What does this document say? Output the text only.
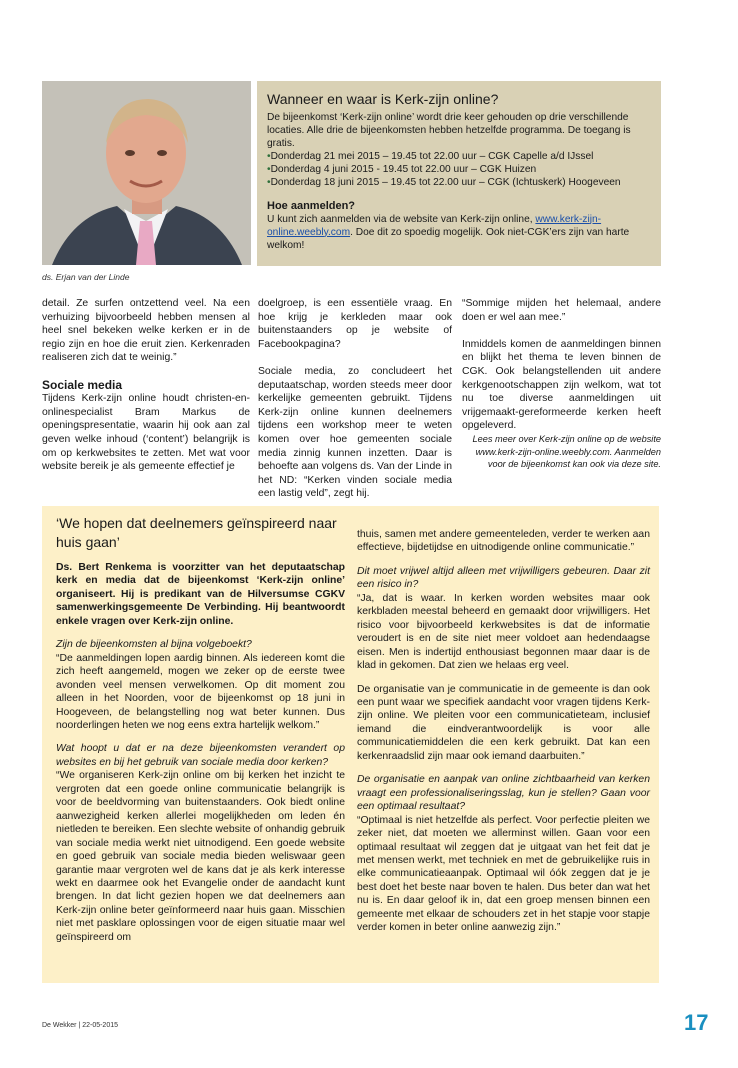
ds. Erjan van der Linde
Wanneer en waar is Kerk-zijn online?

De bijeenkomst ‘Kerk-zijn online’ wordt drie keer gehouden op drie verschillende locaties. Alle drie de bijeenkomsten hebben hetzelfde programma. De toegang is gratis.

•Donderdag 21 mei 2015 – 19.45 tot 22.00 uur – CGK Capelle a/d IJssel

•Donderdag 4 juni 2015 - 19.45 tot 22.00 uur – CGK Huizen

•Donderdag 18 juni 2015 – 19.45 tot 22.00 uur – CGK (Ichtuskerk) Hoogeveen

Hoe aanmelden?

U kunt zich aanmelden via de website van Kerk-zijn online, www.kerk-zijn-online.weebly.com. Doe dit zo spoedig mogelijk. Ook niet-CGK’ers zijn van harte welkom!

detail. Ze surfen ontzettend veel. Na een verhuizing bijvoorbeeld hebben mensen al heel snel bekeken welke kerken er in de regio zijn en hoe die eruit zien. Kerkenraden realiseren zich dat te weinig.”

Sociale media

Tijdens Kerk-zijn online houdt christen-en-onlinespecialist Bram Markus de openingspresentatie, waarin hij ook aan zal geven welke inhoud (‘content’) belangrijk is om op kerkwebsites te zetten. Met wat voor website bereik je als gemeente effectief je

doelgroep, is een essentiële vraag. En hoe krijg je kerkleden maar ook buitenstaanders op je website of Facebookpagina?

Sociale media, zo concludeert het deputaatschap, worden steeds meer door kerkelijke gemeenten gebruikt. Tijdens Kerk-zijn online kunnen deelnemers tijdens een workshop meer te weten komen over hoe gemeenten sociale media zinnig kunnen inzetten. Daar is behoefte aan volgens ds. Van der Linde in het ND: “Kerken vinden sociale media een lastig veld”, zegt hij.

“Sommige mijden het helemaal, andere doen er wel aan mee.”

Inmiddels komen de aanmeldingen binnen en blijkt het thema te leven binnen de CGK. Ook belangstellenden uit andere kerkgenootschappen zijn welkom, wat tot nu toe diverse aanmeldingen uit vrijgemaakt-gereformeerde kerken heeft opgeleverd.

Lees meer over Kerk-zijn online op de website www.kerk-zijn-online.weebly.com. Aanmelden voor de bijeenkomst kan ook via deze site.

‘We hopen dat deelnemers geïnspireerd naar huis gaan’

Ds. Bert Renkema is voorzitter van het deputaatschap kerk en media dat de bijeenkomst ‘Kerk-zijn online’ organiseert. Hij is predikant van de Hilversumse CGKV samenwerkingsgemeente De Verbinding. Hij beantwoordt enkele vragen over Kerk-zijn online.

Zijn de bijeenkomsten al bijna volgeboekt?

“De aanmeldingen lopen aardig binnen. Als iedereen komt die zich heeft aangemeld, mogen we zeker op de eerste twee avonden veel mensen verwelkomen. Op dit moment zou alleen in het Noorden, voor de bijeenkomst op 18 juni in Hoogeveen, de belangstelling nog wat beter kunnen. Dus noorderlingen heten we nog eens extra hartelijk welkom.”

Wat hoopt u dat er na deze bijeenkomsten verandert op websites en bij het gebruik van sociale media door kerken?

“We organiseren Kerk-zijn online om bij kerken het inzicht te vergroten dat een goede online communicatie belangrijk is voor de beeldvorming van buitenstaanders. Ook biedt online aanwezigheid kerken allerlei mogelijkheden om leden én nietleden te bereiken. Een slechte website of onhandig gebruik van sociale media werkt niet uitnodigend. Een goede website en goed gebruik van sociale media bieden weliswaar geen garantie maar vergroten wel de kans dat je als kerk interesse wekt en daarmee ook het Evangelie onder de aandacht kunt brengen. In dat licht gezien hopen we dat deelnemers aan Kerk-zijn online beter geïnformeerd naar huis gaan. Misschien niet met pasklare oplossingen voor de eigen situatie maar wel geïnspireerd om

thuis, samen met andere gemeenteleden, verder te werken aan effectieve, bijdetijdse en uitnodigende online communicatie.”

Dit moet vrijwel altijd alleen met vrijwilligers gebeuren. Daar zit een risico in?

“Ja, dat is waar. In kerken worden websites maar ook kerkbladen meestal beheerd en gemaakt door vrijwilligers. Het risico voor bijvoorbeeld kerkwebsites is dat de informatie veroudert is en de site niet meer voldoet aan hedendaagse eisen. Men is indertijd enthousiast begonnen maar daar is de klad in gekomen. Dat zien we helaas erg veel.

De organisatie van je communicatie in de gemeente is dan ook een punt waar we specifiek aandacht voor vragen tijdens Kerk-zijn online. We pleiten voor een communicatieteam, inclusief iemand die eindverantwoordelijk is voor alle communicatiemiddelen die een kerk gebruikt. Dat kan een kerkenraadslid zijn maar ook iemand daarbuiten.”

De organisatie en aanpak van online zichtbaarheid van kerken vraagt een professionaliseringsslag, kun je stellen? Gaan voor een optimaal resultaat?

“Optimaal is niet hetzelfde als perfect. Voor perfectie pleiten we zeker niet, dat moeten we allerminst willen. Gaan voor een optimaal resultaat wil zeggen dat je uitgaat van het feit dat je met mensen werkt, met techniek en met de gebruikelijke ruis in elke communicatieaanpak. Optimaal wil óók zeggen dat je je best doet het beste naar boven te halen. Dus beter dan wat het nu is. En daar geloof ik in, dat een groep mensen binnen een gemeente met elkaar de schouders zet in het stapje voor stapje verder komen in beter online aanwezig zijn.”

De Wekker | 22-05-2015	17
